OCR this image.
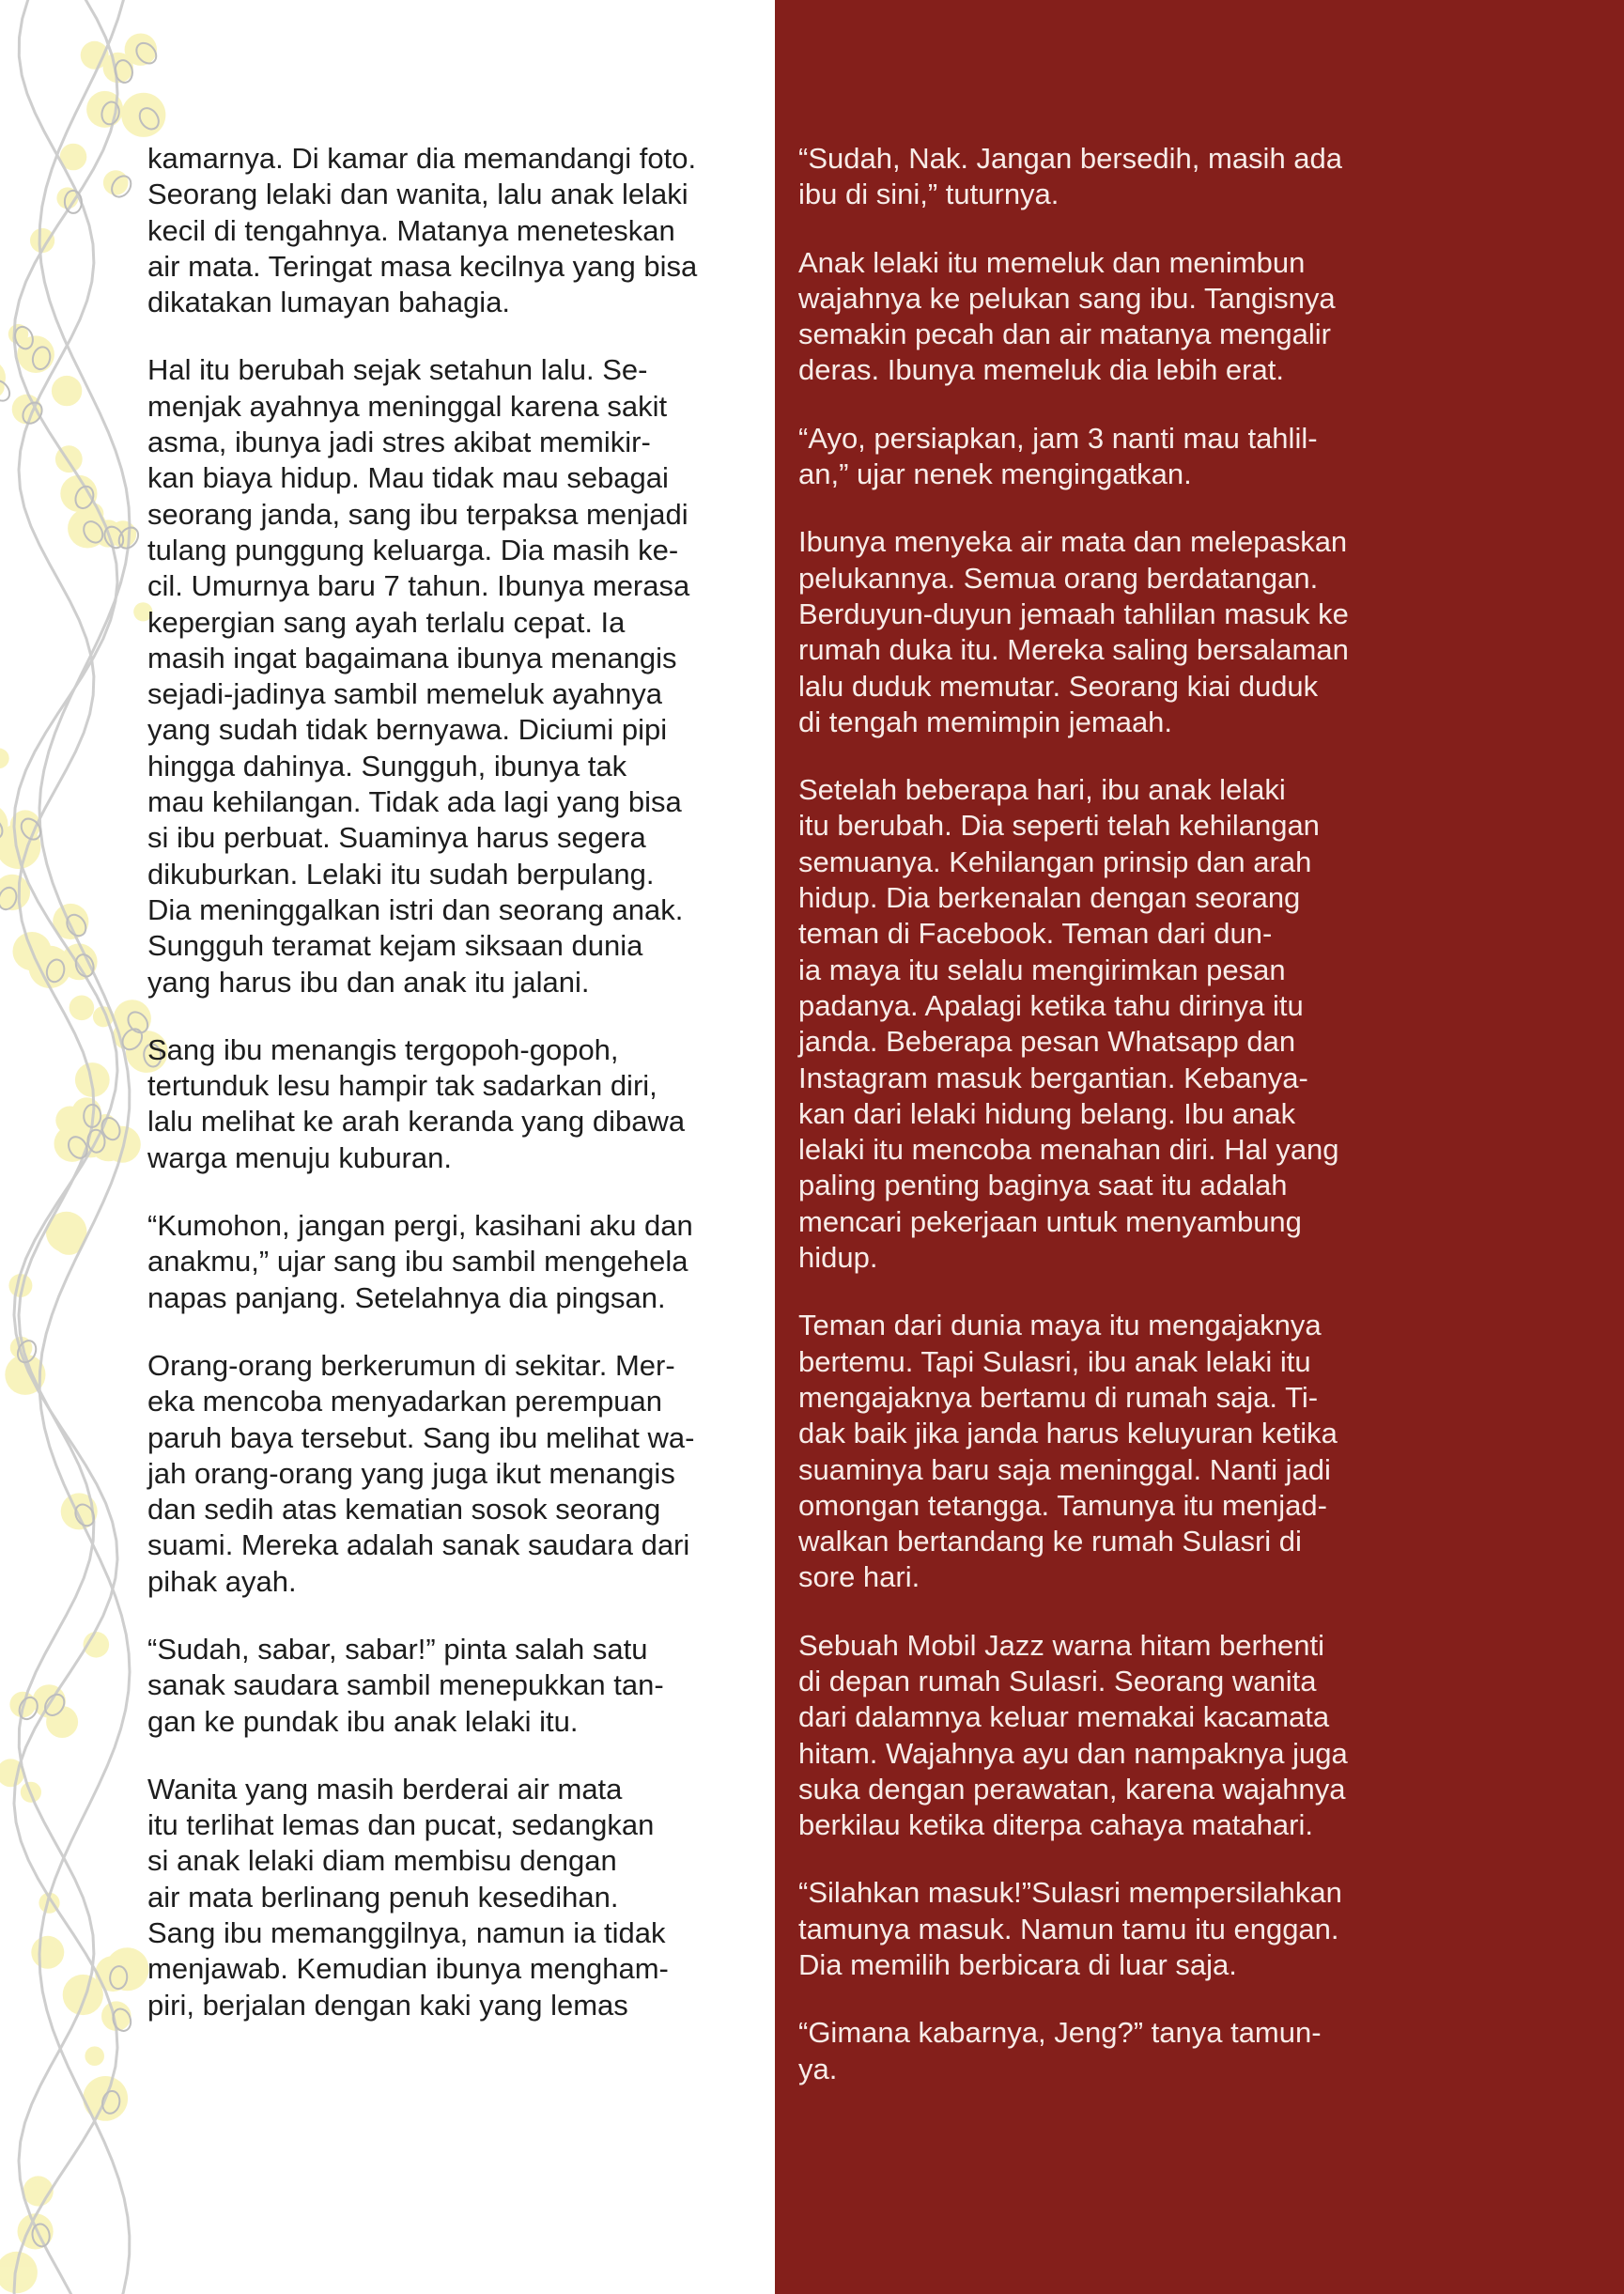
kamarnya. Di kamar dia memandangi foto.
Seorang lelaki dan wanita, lalu anak lelaki
kecil di tengahnya. Matanya meneteskan
air mata. Teringat masa kecilnya yang bisa
dikatakan lumayan bahagia.

Hal itu berubah sejak setahun lalu. Se-
menjak ayahnya meninggal karena sakit
asma, ibunya jadi stres akibat memikir-
kan biaya hidup. Mau tidak mau sebagai
seorang janda, sang ibu terpaksa menjadi
tulang punggung keluarga. Dia masih ke-
cil. Umurnya baru 7 tahun. Ibunya merasa
kepergian sang ayah terlalu cepat. Ia
masih ingat bagaimana ibunya menangis
sejadi-jadinya sambil memeluk ayahnya
yang sudah tidak bernyawa. Diciumi pipi
hingga dahinya. Sungguh, ibunya tak
mau kehilangan. Tidak ada lagi yang bisa
si ibu perbuat. Suaminya harus segera
dikuburkan. Lelaki itu sudah berpulang.
Dia meninggalkan istri dan seorang anak.
Sungguh teramat kejam siksaan dunia
yang harus ibu dan anak itu jalani.

Sang ibu menangis tergopoh-gopoh,
tertunduk lesu hampir tak sadarkan diri,
lalu melihat ke arah keranda yang dibawa
warga menuju kuburan.

“Kumohon, jangan pergi, kasihani aku dan
anakmu,” ujar sang ibu sambil mengehela
napas panjang. Setelahnya dia pingsan.

Orang-orang berkerumun di sekitar. Mer-
eka mencoba menyadarkan perempuan
paruh baya tersebut. Sang ibu melihat wa-
jah orang-orang yang juga ikut menangis
dan sedih atas kematian sosok seorang
suami. Mereka adalah sanak saudara dari
pihak ayah.

“Sudah, sabar, sabar!” pinta salah satu
sanak saudara sambil menepukkan tan-
gan ke pundak ibu anak lelaki itu.

Wanita yang masih berderai air mata
itu terlihat lemas dan pucat, sedangkan
si anak lelaki diam membisu dengan
air mata berlinang penuh kesedihan.
Sang ibu memanggilnya, namun ia tidak
menjawab. Kemudian ibunya mengham-
piri, berjalan dengan kaki yang lemas

“Sudah, Nak. Jangan bersedih, masih ada
ibu di sini,” tuturnya.

Anak lelaki itu memeluk dan menimbun
wajahnya ke pelukan sang ibu. Tangisnya
semakin pecah dan air matanya mengalir
deras. Ibunya memeluk dia lebih erat.

“Ayo, persiapkan, jam 3 nanti mau tahlil-
an,” ujar nenek mengingatkan.

Ibunya menyeka air mata dan melepaskan
pelukannya. Semua orang berdatangan.
Berduyun-duyun jemaah tahlilan masuk ke
rumah duka itu. Mereka saling bersalaman
lalu duduk memutar. Seorang kiai duduk
di tengah memimpin jemaah.

Setelah beberapa hari, ibu anak lelaki
itu berubah. Dia seperti telah kehilangan
semuanya. Kehilangan prinsip dan arah
hidup. Dia berkenalan dengan seorang
teman di Facebook. Teman dari dun-
ia maya itu selalu mengirimkan pesan
padanya. Apalagi ketika tahu dirinya itu
janda. Beberapa pesan Whatsapp dan
Instagram masuk bergantian. Kebanya-
kan dari lelaki hidung belang. Ibu anak
lelaki itu mencoba menahan diri. Hal yang
paling penting baginya saat itu adalah
mencari pekerjaan untuk menyambung
hidup.

Teman dari dunia maya itu mengajaknya
bertemu. Tapi Sulasri, ibu anak lelaki itu
mengajaknya bertamu di rumah saja. Ti-
dak baik jika janda harus keluyuran ketika
suaminya baru saja meninggal. Nanti jadi
omongan tetangga. Tamunya itu menjad-
walkan bertandang ke rumah Sulasri di
sore hari.

Sebuah Mobil Jazz warna hitam berhenti
di depan rumah Sulasri. Seorang wanita
dari dalamnya keluar memakai kacamata
hitam. Wajahnya ayu dan nampaknya juga
suka dengan perawatan, karena wajahnya
berkilau ketika diterpa cahaya matahari.

“Silahkan masuk!”Sulasri mempersilahkan
tamunya masuk. Namun tamu itu enggan.
Dia memilih berbicara di luar saja.

“Gimana kabarnya, Jeng?” tanya tamun-
ya.
